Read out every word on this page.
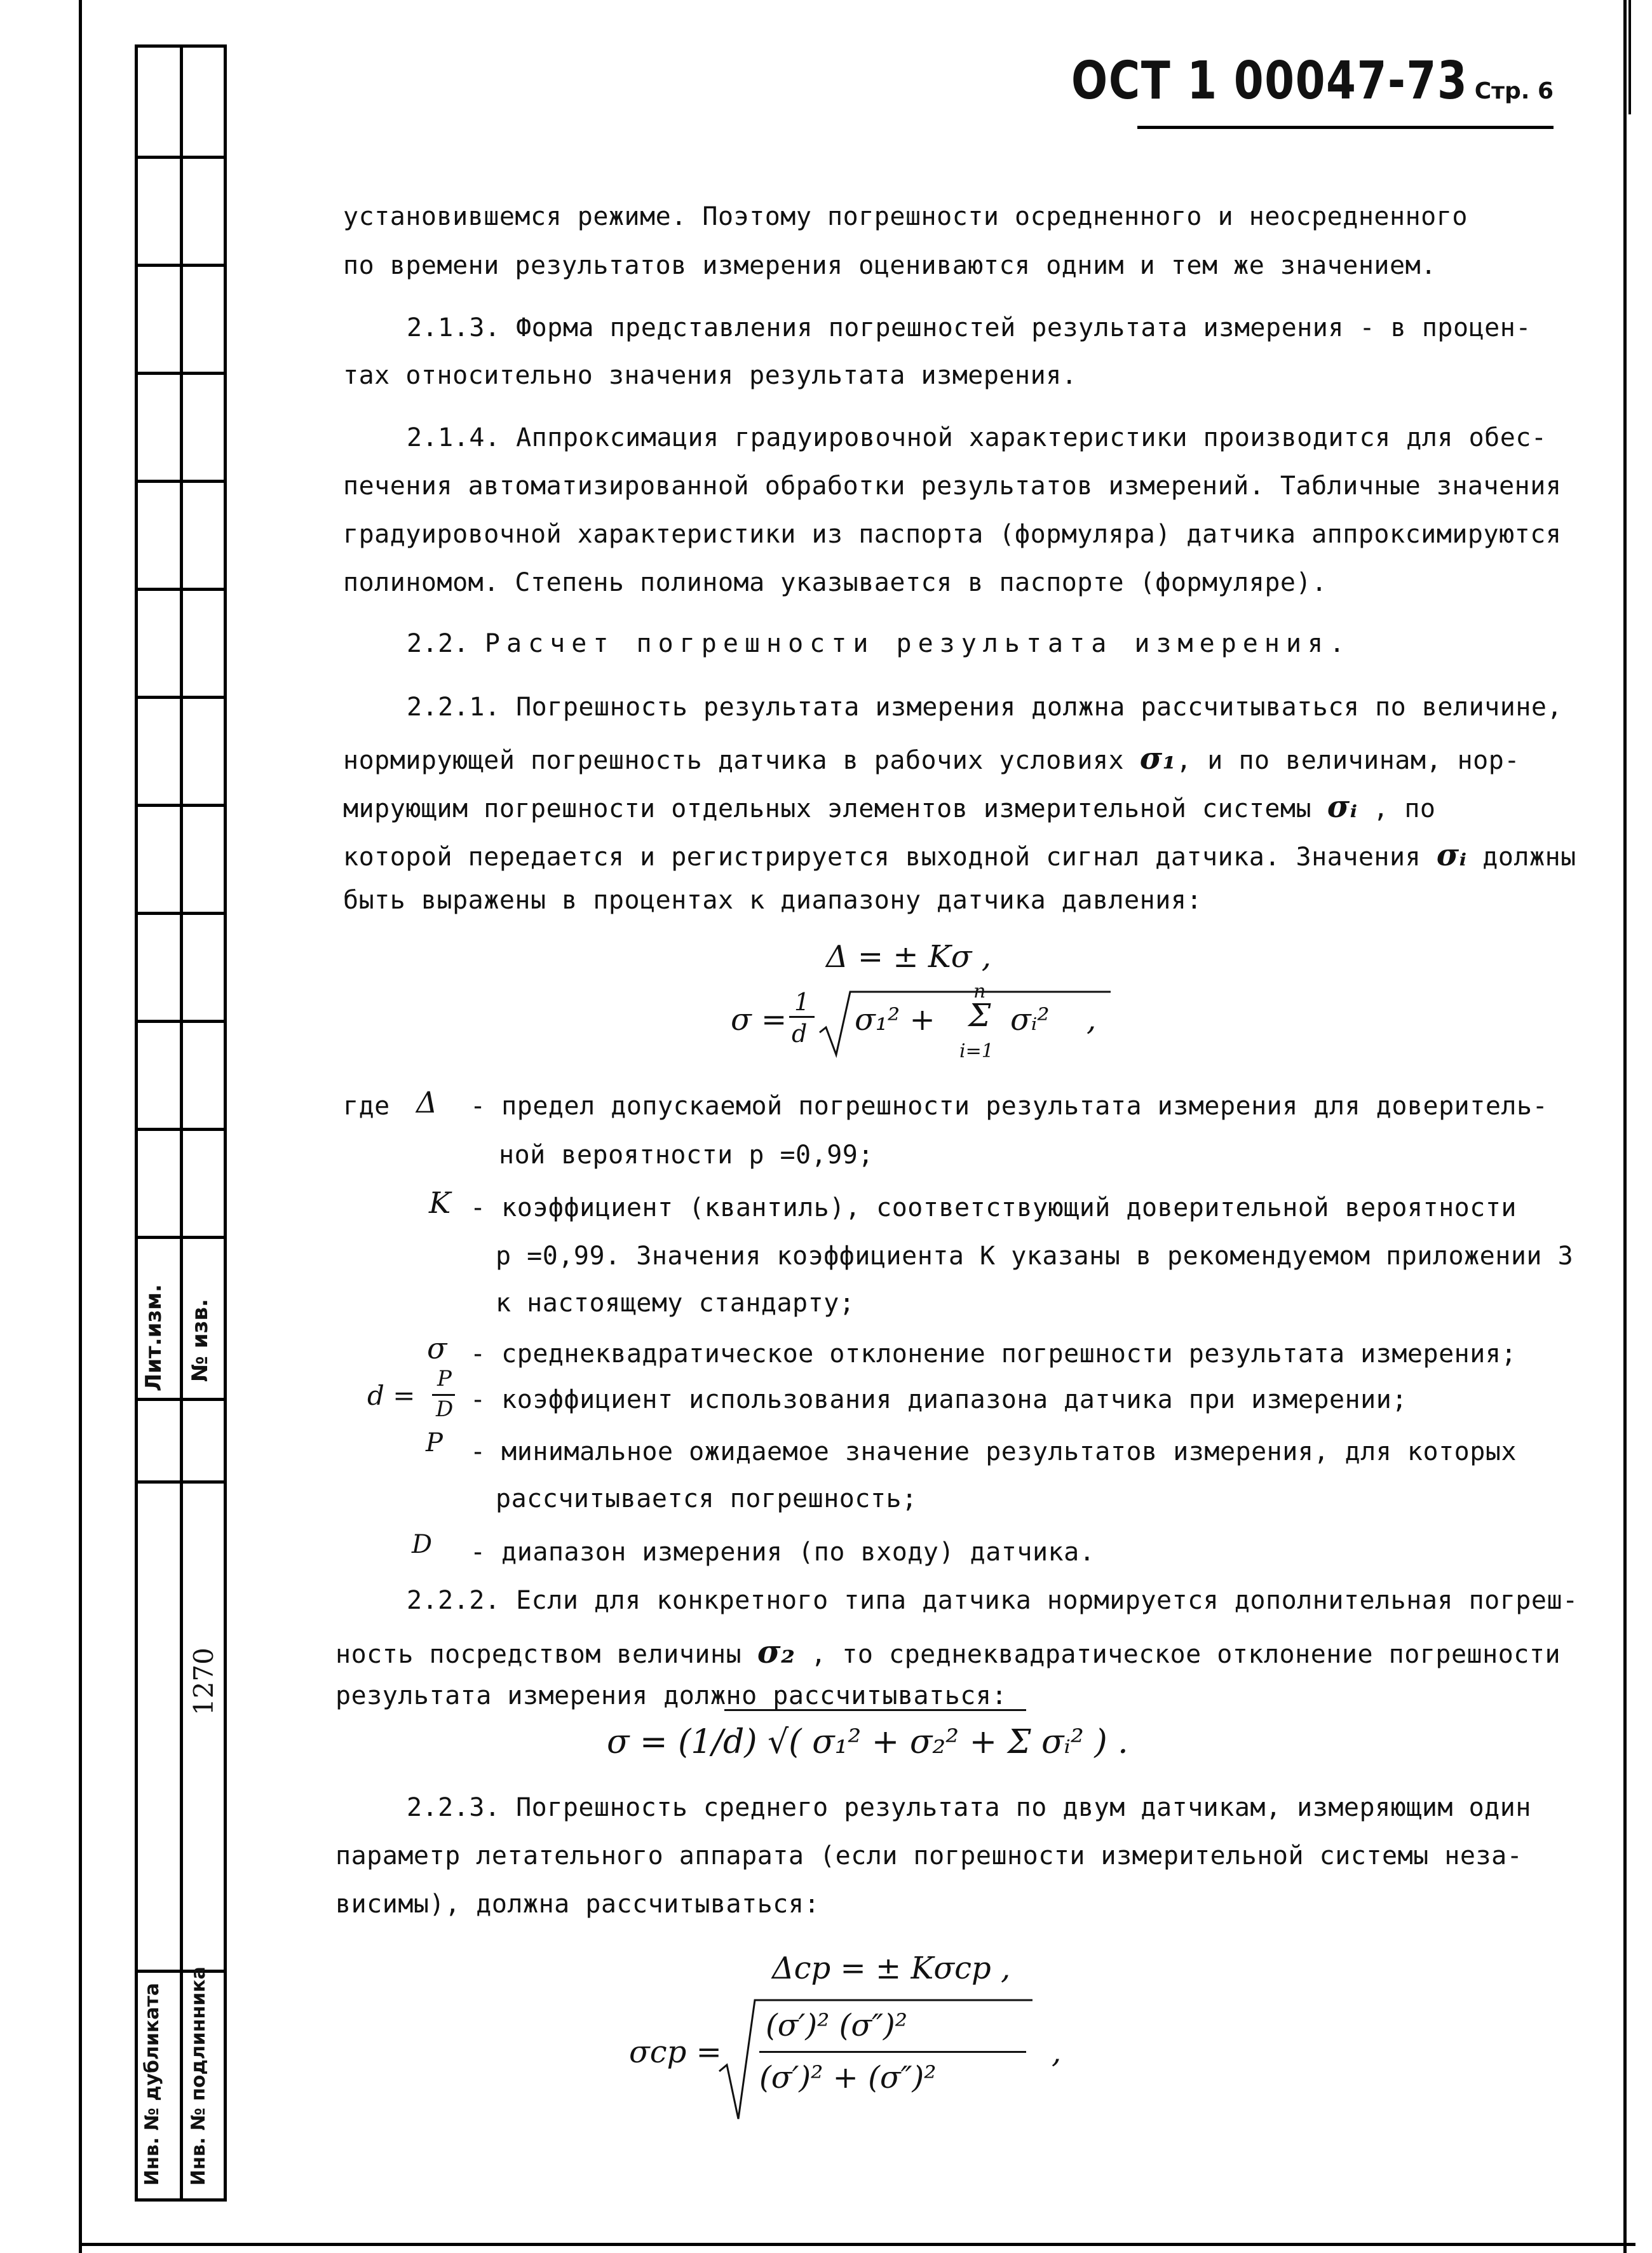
Лит.изм. № изв.
1270
Инв. № дубликата Инв. № подлинника
ОСТ 1 00047-73 Стр. 6
установившемся режиме. Поэтому погрешности осредненного и неосредненного
по времени результатов измерения оцениваются одним и тем же значением.
2.1.3. Форма представления погрешностей результата измерения - в процен-
тах относительно значения результата измерения.
2.1.4. Аппроксимация градуировочной характеристики производится для обес-
печения автоматизированной обработки результатов измерений. Табличные значения
градуировочной характеристики из паспорта (формуляра) датчика аппроксимируются
полиномом. Степень полинома указывается в паспорте (формуляре).
2.2. Расчет погрешности результата измерения.
2.2.1. Погрешность результата измерения должна рассчитываться по величине,
нормирующей погрешность датчика в рабочих условиях σ₁, и по величинам, нор-
мирующим погрешности отдельных элементов измерительной системы σᵢ , по
которой передается и регистрируется выходной сигнал датчика. Значения σᵢ должны
быть выражены в процентах к диапазону датчика давления:
Δ = ± Kσ ,
σ = 1
d σ₁² +
n
Σ
i=1
σᵢ² ,
где Δ - предел допускаемой погрешности результата измерения для доверитель-
ной вероятности p =0,99;
K - коэффициент (квантиль), соответствующий доверительной вероятности
p =0,99. Значения коэффициента K указаны в рекомендуемом приложении 3
к настоящему стандарту;
σ - среднеквадратическое отклонение погрешности результата измерения;
d =
P
D - коэффициент использования диапазона датчика при измерении;
P - минимальное ожидаемое значение результатов измерения, для которых
рассчитывается погрешность;
D - диапазон измерения (по входу) датчика.
2.2.2. Если для конкретного типа датчика нормируется дополнительная погреш-
ность посредством величины σ₂ , то среднеквадратическое отклонение погрешности
результата измерения должно рассчитываться:
σ = (1/d) √( σ₁² + σ₂² + Σ σᵢ² ) .
2.2.3. Погрешность среднего результата по двум датчикам, измеряющим один
параметр летательного аппарата (если погрешности измерительной системы неза-
висимы), должна рассчитываться:
Δcp = ± Kσcp ,
σcp =
(σ′)² (σ″)²
(σ′)² + (σ″)²
,
